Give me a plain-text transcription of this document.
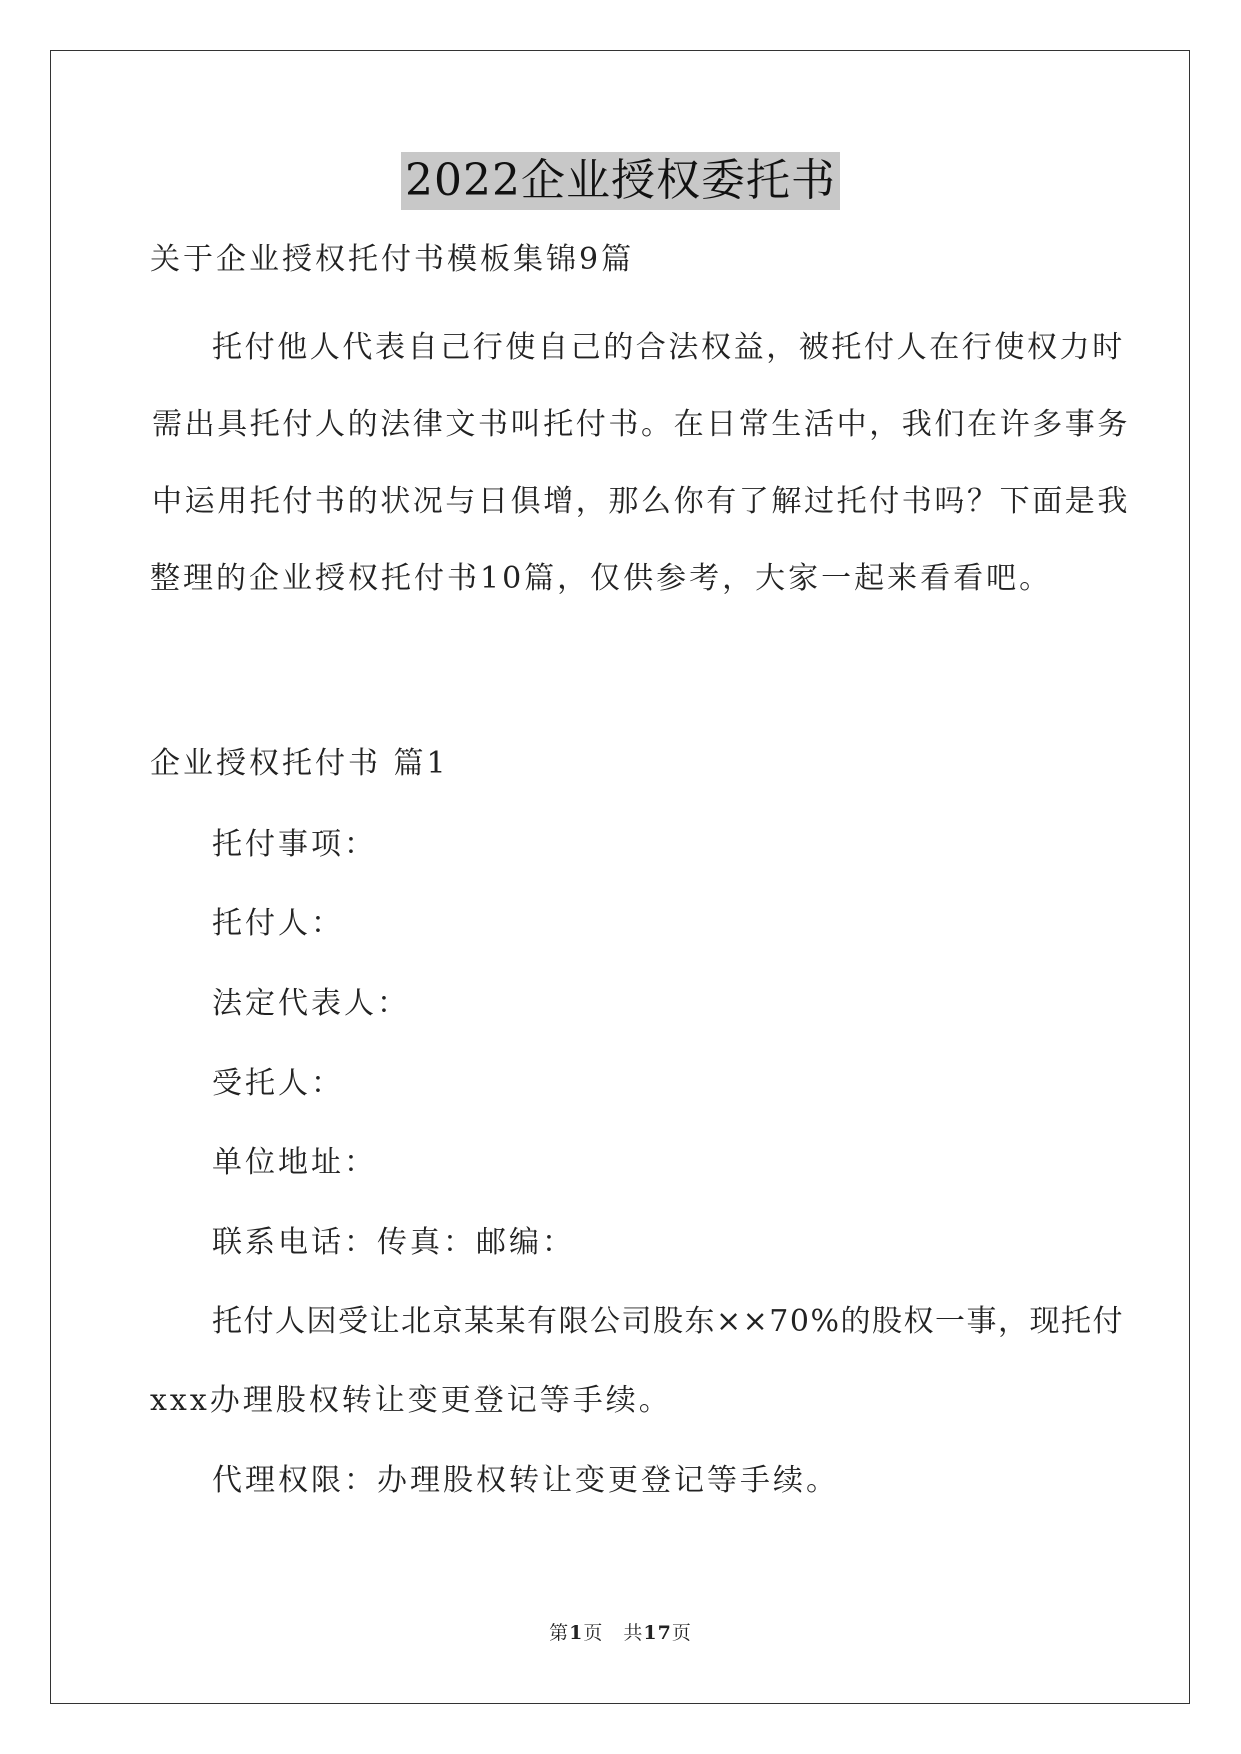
2022企业授权委托书
关于企业授权托付书模板集锦9篇
托付他人代表自己行使自己的合法权益，被托付人在行使权力时
需出具托付人的法律文书叫托付书。在日常生活中，我们在许多事务
中运用托付书的状况与日俱增，那么你有了解过托付书吗？下面是我
整理的企业授权托付书10篇，仅供参考，大家一起来看看吧。
企业授权托付书 篇1
托付事项：
托付人：
法定代表人：
受托人：
单位地址：
联系电话：传真：邮编：
托付人因受让北京某某有限公司股东××70%的股权一事，现托付
xxx办理股权转让变更登记等手续。
代理权限：办理股权转让变更登记等手续。
第1页　共17页
